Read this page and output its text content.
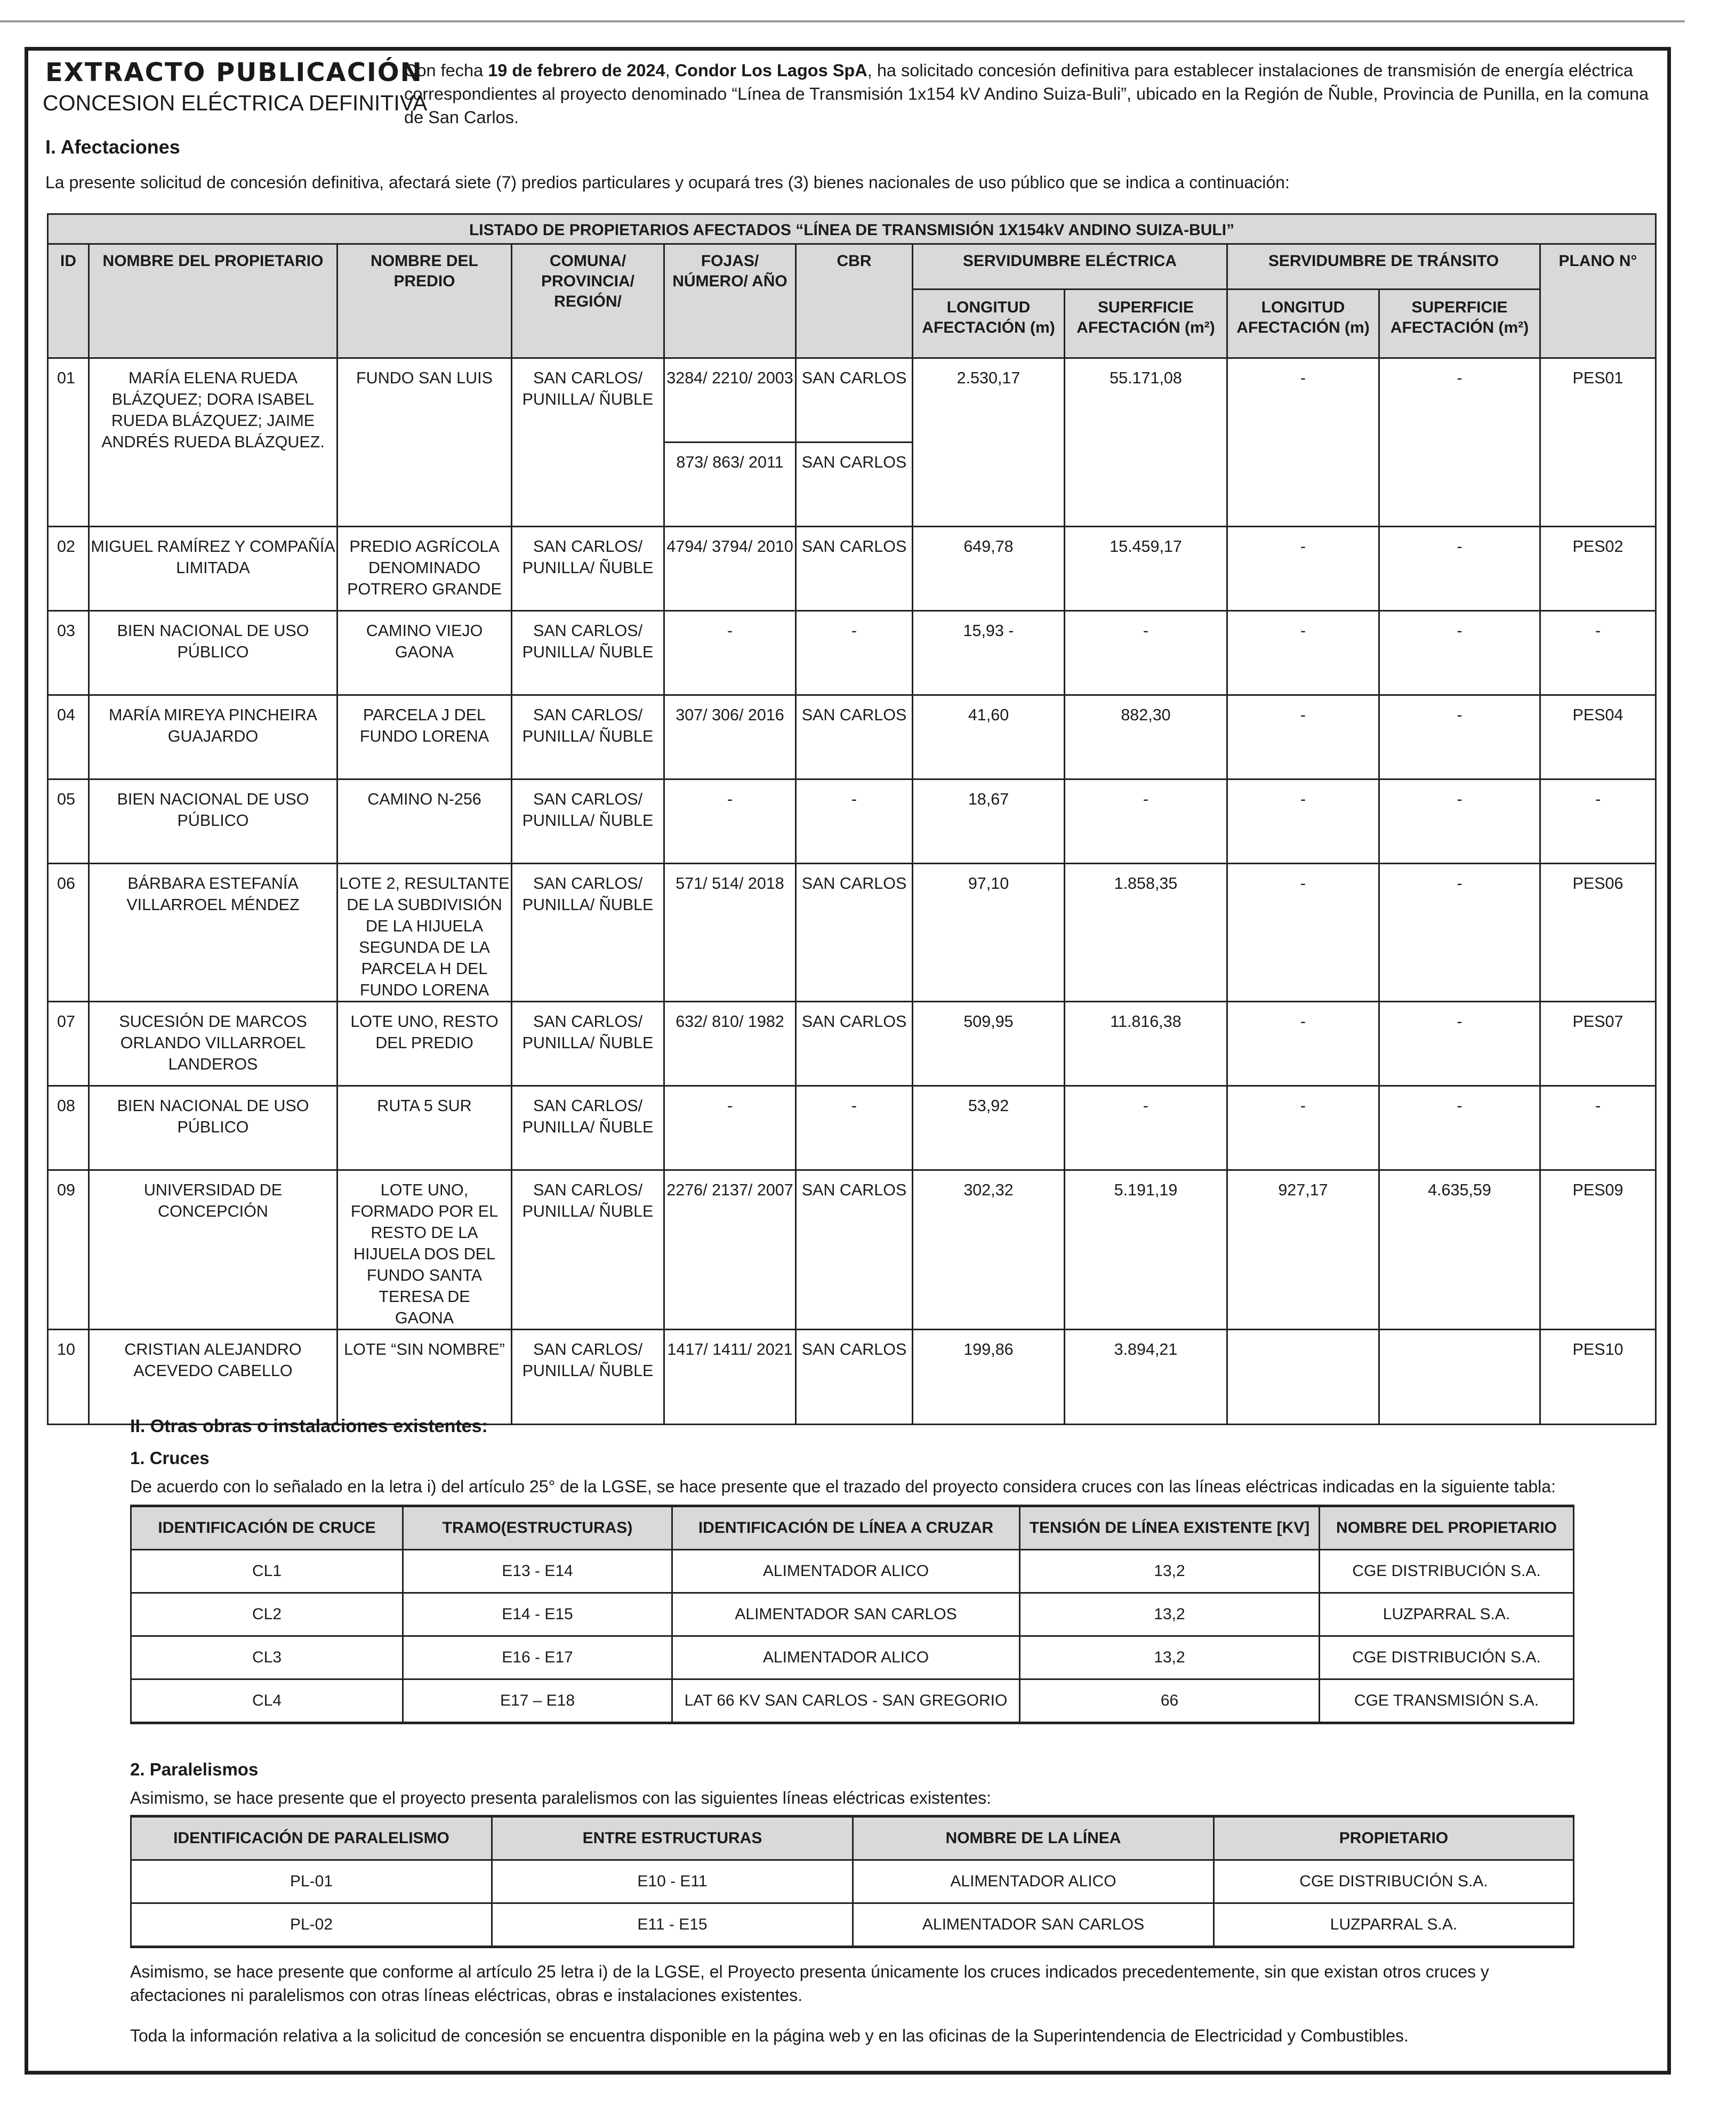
EXTRACTO PUBLICACIÓN
CONCESION ELÉCTRICA DEFINITIVA
Con fecha 19 de febrero de 2024, Condor Los Lagos SpA, ha solicitado concesión definitiva para establecer instalaciones de transmisión de energía eléctrica correspondientes al proyecto denominado “Línea de Transmisión 1x154 kV Andino Suiza-Buli”, ubicado en la Región de Ñuble, Provincia de Punilla, en la comuna de San Carlos.
I. Afectaciones
La presente solicitud de concesión definitiva, afectará siete (7) predios particulares y ocupará tres (3) bienes nacionales de uso público que se indica a continuación:
LISTADO DE PROPIETARIOS AFECTADOS “LÍNEA DE TRANSMISIÓN 1X154kV ANDINO SUIZA-BULI”										
ID	NOMBRE DEL PROPIETARIO	NOMBRE DEL PREDIO	COMUNA/ PROVINCIA/ REGIÓN/	FOJAS/ NÚMERO/ AÑO	CBR	SERVIDUMBRE ELÉCTRICA		SERVIDUMBRE DE TRÁNSITO		PLANO N°
						LONGITUD AFECTACIÓN (m)	SUPERFICIE AFECTACIÓN (m²)	LONGITUD AFECTACIÓN (m)	SUPERFICIE AFECTACIÓN (m²)	
01	MARÍA ELENA RUEDA BLÁZQUEZ; DORA ISABEL RUEDA BLÁZQUEZ; JAIME ANDRÉS RUEDA BLÁZQUEZ.	FUNDO SAN LUIS	SAN CARLOS/ PUNILLA/ ÑUBLE	3284/ 2210/ 2003	SAN CARLOS	2.530,17	55.171,08	-	-	PES01
				873/ 863/ 2011	SAN CARLOS					
02	MIGUEL RAMÍREZ Y COMPAÑÍA LIMITADA	PREDIO AGRÍCOLA DENOMINADO POTRERO GRANDE	SAN CARLOS/ PUNILLA/ ÑUBLE	4794/ 3794/ 2010	SAN CARLOS	649,78	15.459,17	-	-	PES02
03	BIEN NACIONAL DE USO PÚBLICO	CAMINO VIEJO GAONA	SAN CARLOS/ PUNILLA/ ÑUBLE	-	-	15,93 -	-	-	-	-
04	MARÍA MIREYA PINCHEIRA GUAJARDO	PARCELA J DEL FUNDO LORENA	SAN CARLOS/ PUNILLA/ ÑUBLE	307/ 306/ 2016	SAN CARLOS	41,60	882,30	-	-	PES04
05	BIEN NACIONAL DE USO PÚBLICO	CAMINO N-256	SAN CARLOS/ PUNILLA/ ÑUBLE	-	-	18,67	-	-	-	-
06	BÁRBARA ESTEFANÍA VILLARROEL MÉNDEZ	LOTE 2, RESULTANTE DE LA SUBDIVISIÓN DE LA HIJUELA SEGUNDA DE LA PARCELA H DEL FUNDO LORENA	SAN CARLOS/ PUNILLA/ ÑUBLE	571/ 514/ 2018	SAN CARLOS	97,10	1.858,35	-	-	PES06
07	SUCESIÓN DE MARCOS ORLANDO VILLARROEL LANDEROS	LOTE UNO, RESTO DEL PREDIO	SAN CARLOS/ PUNILLA/ ÑUBLE	632/ 810/ 1982	SAN CARLOS	509,95	11.816,38	-	-	PES07
08	BIEN NACIONAL DE USO PÚBLICO	RUTA 5 SUR	SAN CARLOS/ PUNILLA/ ÑUBLE	-	-	53,92	-	-	-	-
09	UNIVERSIDAD DE CONCEPCIÓN	LOTE UNO, FORMADO POR EL RESTO DE LA HIJUELA DOS DEL FUNDO SANTA TERESA DE GAONA	SAN CARLOS/ PUNILLA/ ÑUBLE	2276/ 2137/ 2007	SAN CARLOS	302,32	5.191,19	927,17	4.635,59	PES09
10	CRISTIAN ALEJANDRO ACEVEDO CABELLO	LOTE “SIN NOMBRE”	SAN CARLOS/ PUNILLA/ ÑUBLE	1417/ 1411/ 2021	SAN CARLOS	199,86	3.894,21			PES10
II. Otras obras o instalaciones existentes:
1. Cruces
De acuerdo con lo señalado en la letra i) del artículo 25° de la LGSE, se hace presente que el trazado del proyecto considera cruces con las líneas eléctricas indicadas en la siguiente tabla:
IDENTIFICACIÓN DE CRUCE	TRAMO(ESTRUCTURAS)	IDENTIFICACIÓN DE LÍNEA A CRUZAR	TENSIÓN DE LÍNEA EXISTENTE [KV]	NOMBRE DEL PROPIETARIO
CL1	E13 - E14	ALIMENTADOR ALICO	13,2	CGE DISTRIBUCIÓN S.A.
CL2	E14 - E15	ALIMENTADOR SAN CARLOS	13,2	LUZPARRAL S.A.
CL3	E16 - E17	ALIMENTADOR ALICO	13,2	CGE DISTRIBUCIÓN S.A.
CL4	E17 – E18	LAT 66 KV SAN CARLOS - SAN GREGORIO	66	CGE TRANSMISIÓN S.A.
2. Paralelismos
Asimismo, se hace presente que el proyecto presenta paralelismos con las siguientes líneas eléctricas existentes:
IDENTIFICACIÓN DE PARALELISMO	ENTRE ESTRUCTURAS	NOMBRE DE LA LÍNEA	PROPIETARIO
PL-01	E10 - E11	ALIMENTADOR ALICO	CGE DISTRIBUCIÓN S.A.
PL-02	E11 - E15	ALIMENTADOR SAN CARLOS	LUZPARRAL S.A.
Asimismo, se hace presente que conforme al artículo 25 letra i) de la LGSE, el Proyecto presenta únicamente los cruces indicados precedentemente, sin que existan otros cruces y afectaciones ni paralelismos con otras líneas eléctricas, obras e instalaciones existentes.
Toda la información relativa a la solicitud de concesión se encuentra disponible en la página web y en las oficinas de la Superintendencia de Electricidad y Combustibles.
